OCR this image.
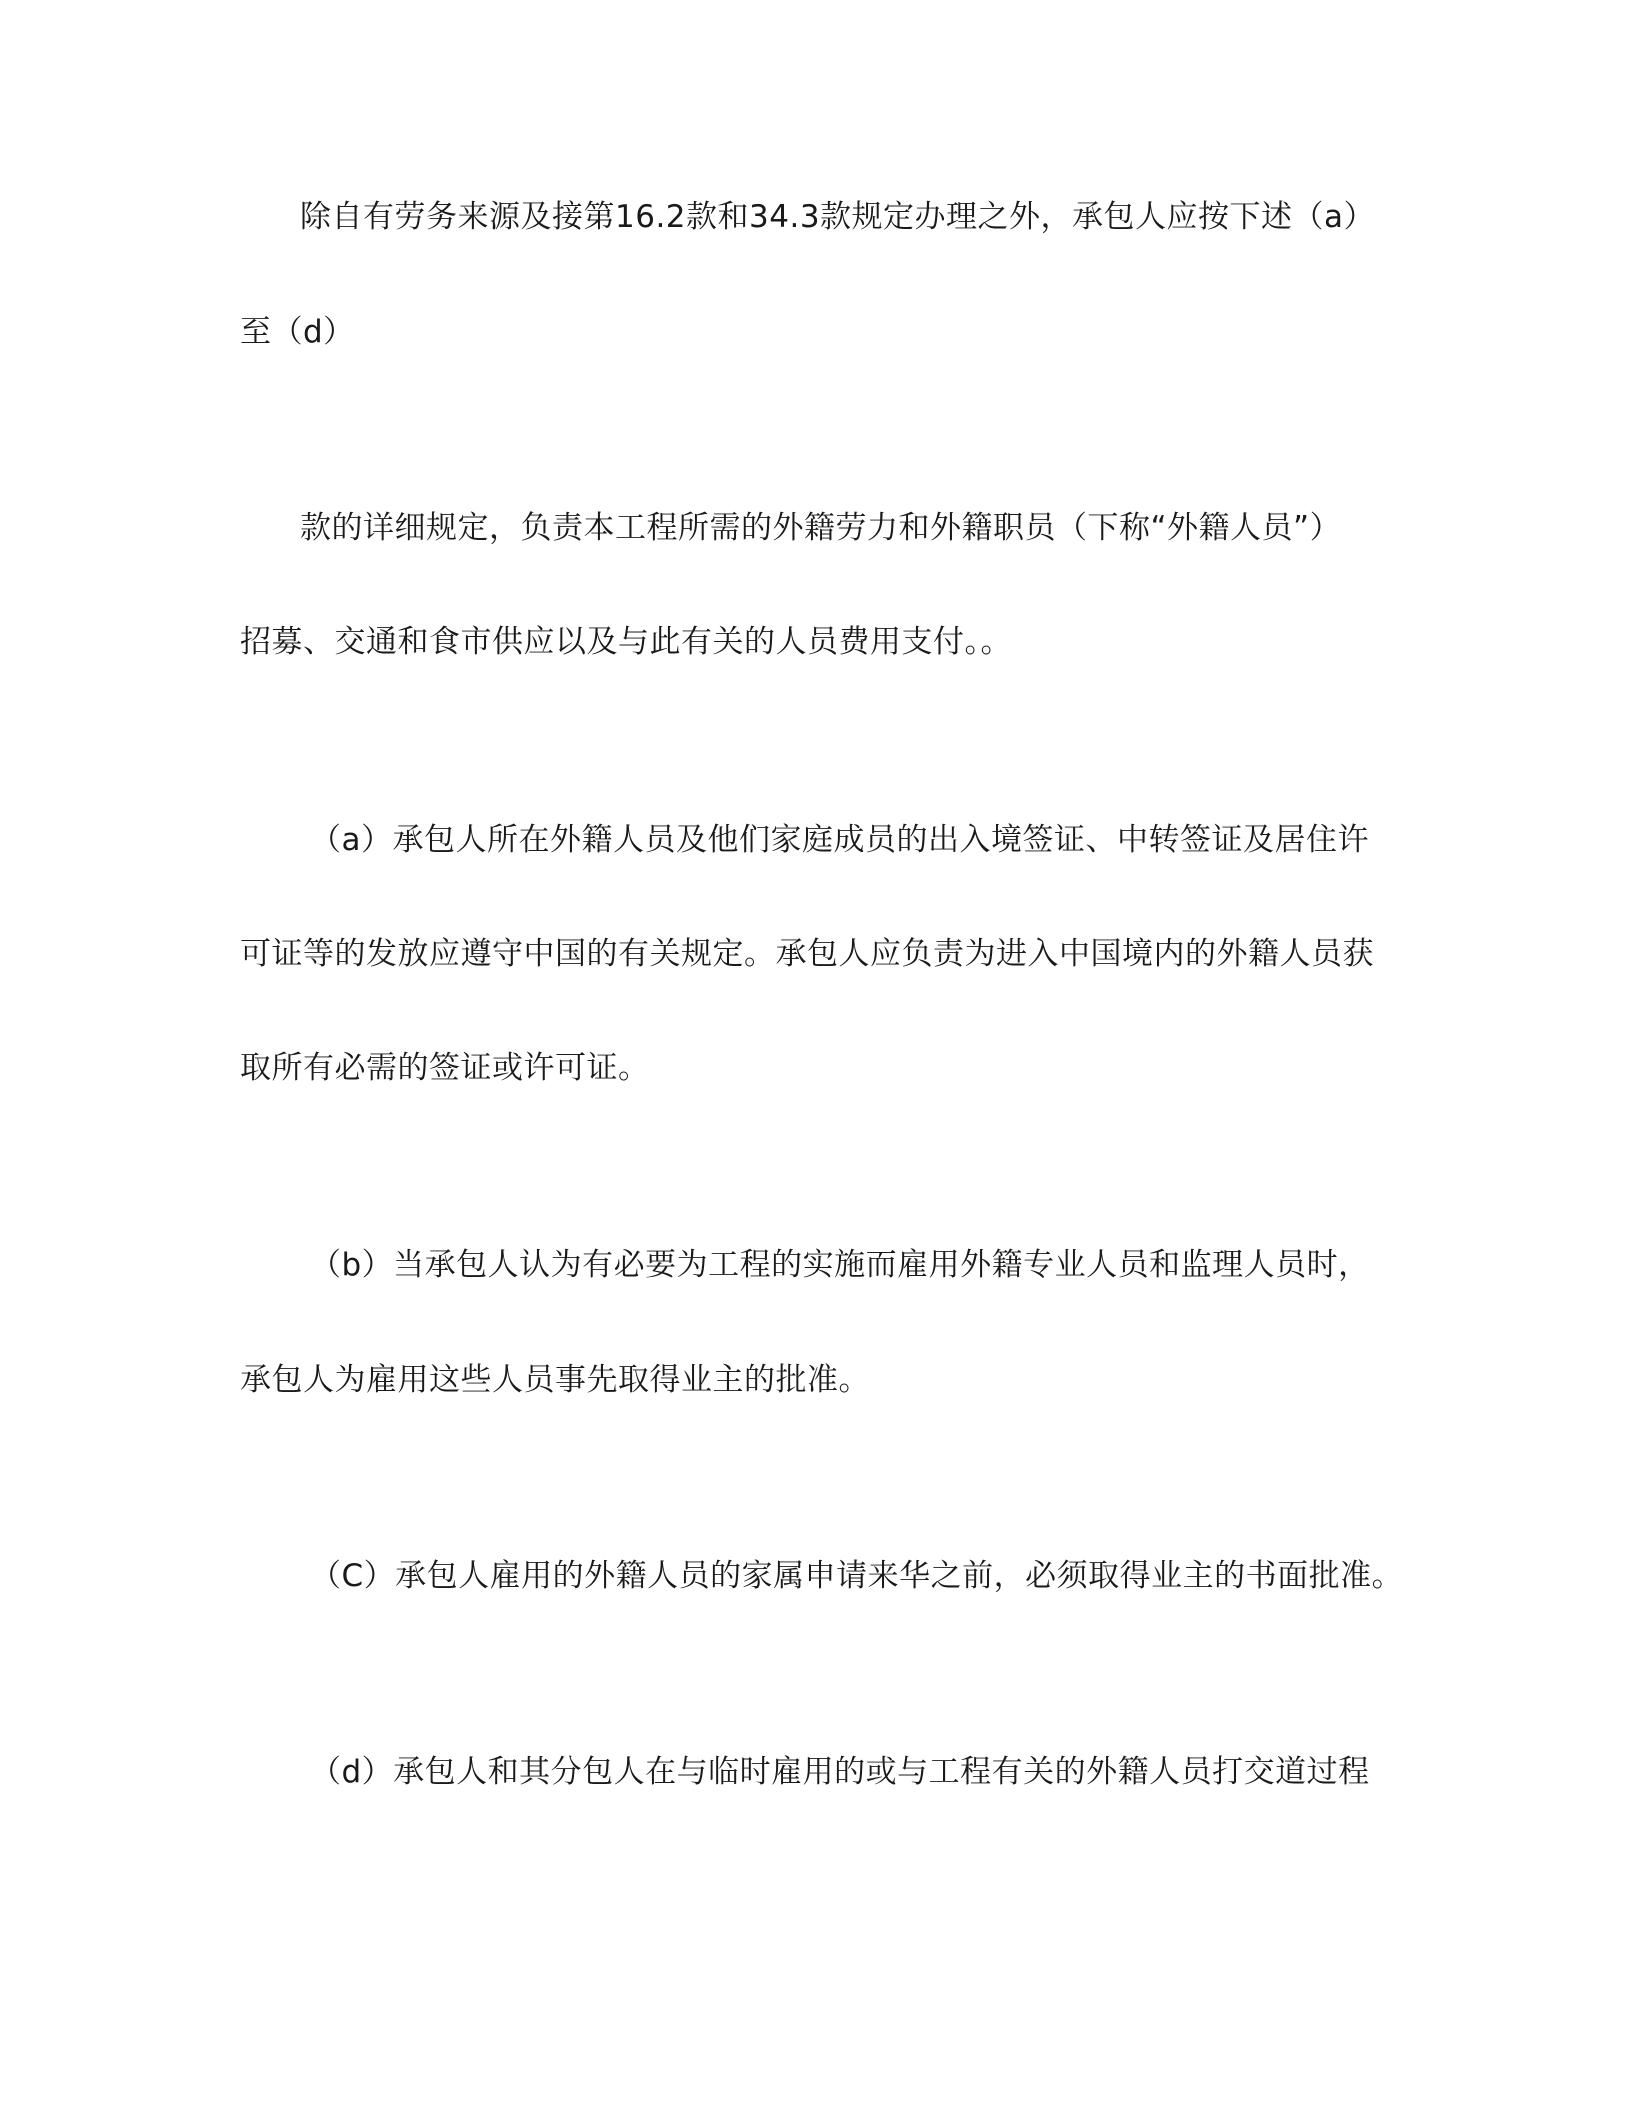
除自有劳务来源及接第16.2款和34.3款规定办理之外，承包人应按下述（a）

至（d）

款的详细规定，负责本工程所需的外籍劳力和外籍职员（下称“外籍人员”）

招募、交通和食市供应以及与此有关的人员费用支付。。

（a）承包人所在外籍人员及他们家庭成员的出入境签证、中转签证及居住许

可证等的发放应遵守中国的有关规定。承包人应负责为进入中国境内的外籍人员获

取所有必需的签证或许可证。

（b）当承包人认为有必要为工程的实施而雇用外籍专业人员和监理人员时，

承包人为雇用这些人员事先取得业主的批准。

（C）承包人雇用的外籍人员的家属申请来华之前，必须取得业主的书面批准。

（d）承包人和其分包人在与临时雇用的或与工程有关的外籍人员打交道过程
